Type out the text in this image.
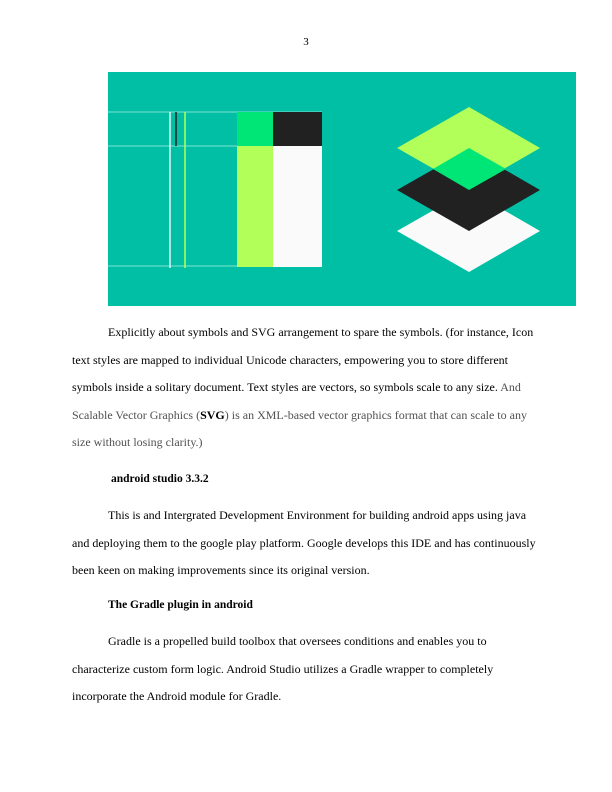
3
Explicitly about symbols and SVG arrangement to spare the symbols. (for instance, Icon
text styles are mapped to individual Unicode characters, empowering you to store different
symbols inside a solitary document. Text styles are vectors, so symbols scale to any size. And
Scalable Vector Graphics (SVG) is an XML-based vector graphics format that can scale to any
size without losing clarity.)
android studio 3.3.2
This is and Intergrated Development Environment for building android apps using java
and deploying them to the google play platform. Google develops this IDE and has continuously
been keen on making improvements since its original version.
The Gradle plugin in android
Gradle is a propelled build toolbox that oversees conditions and enables you to
characterize custom form logic. Android Studio utilizes a Gradle wrapper to completely
incorporate the Android module for Gradle.
